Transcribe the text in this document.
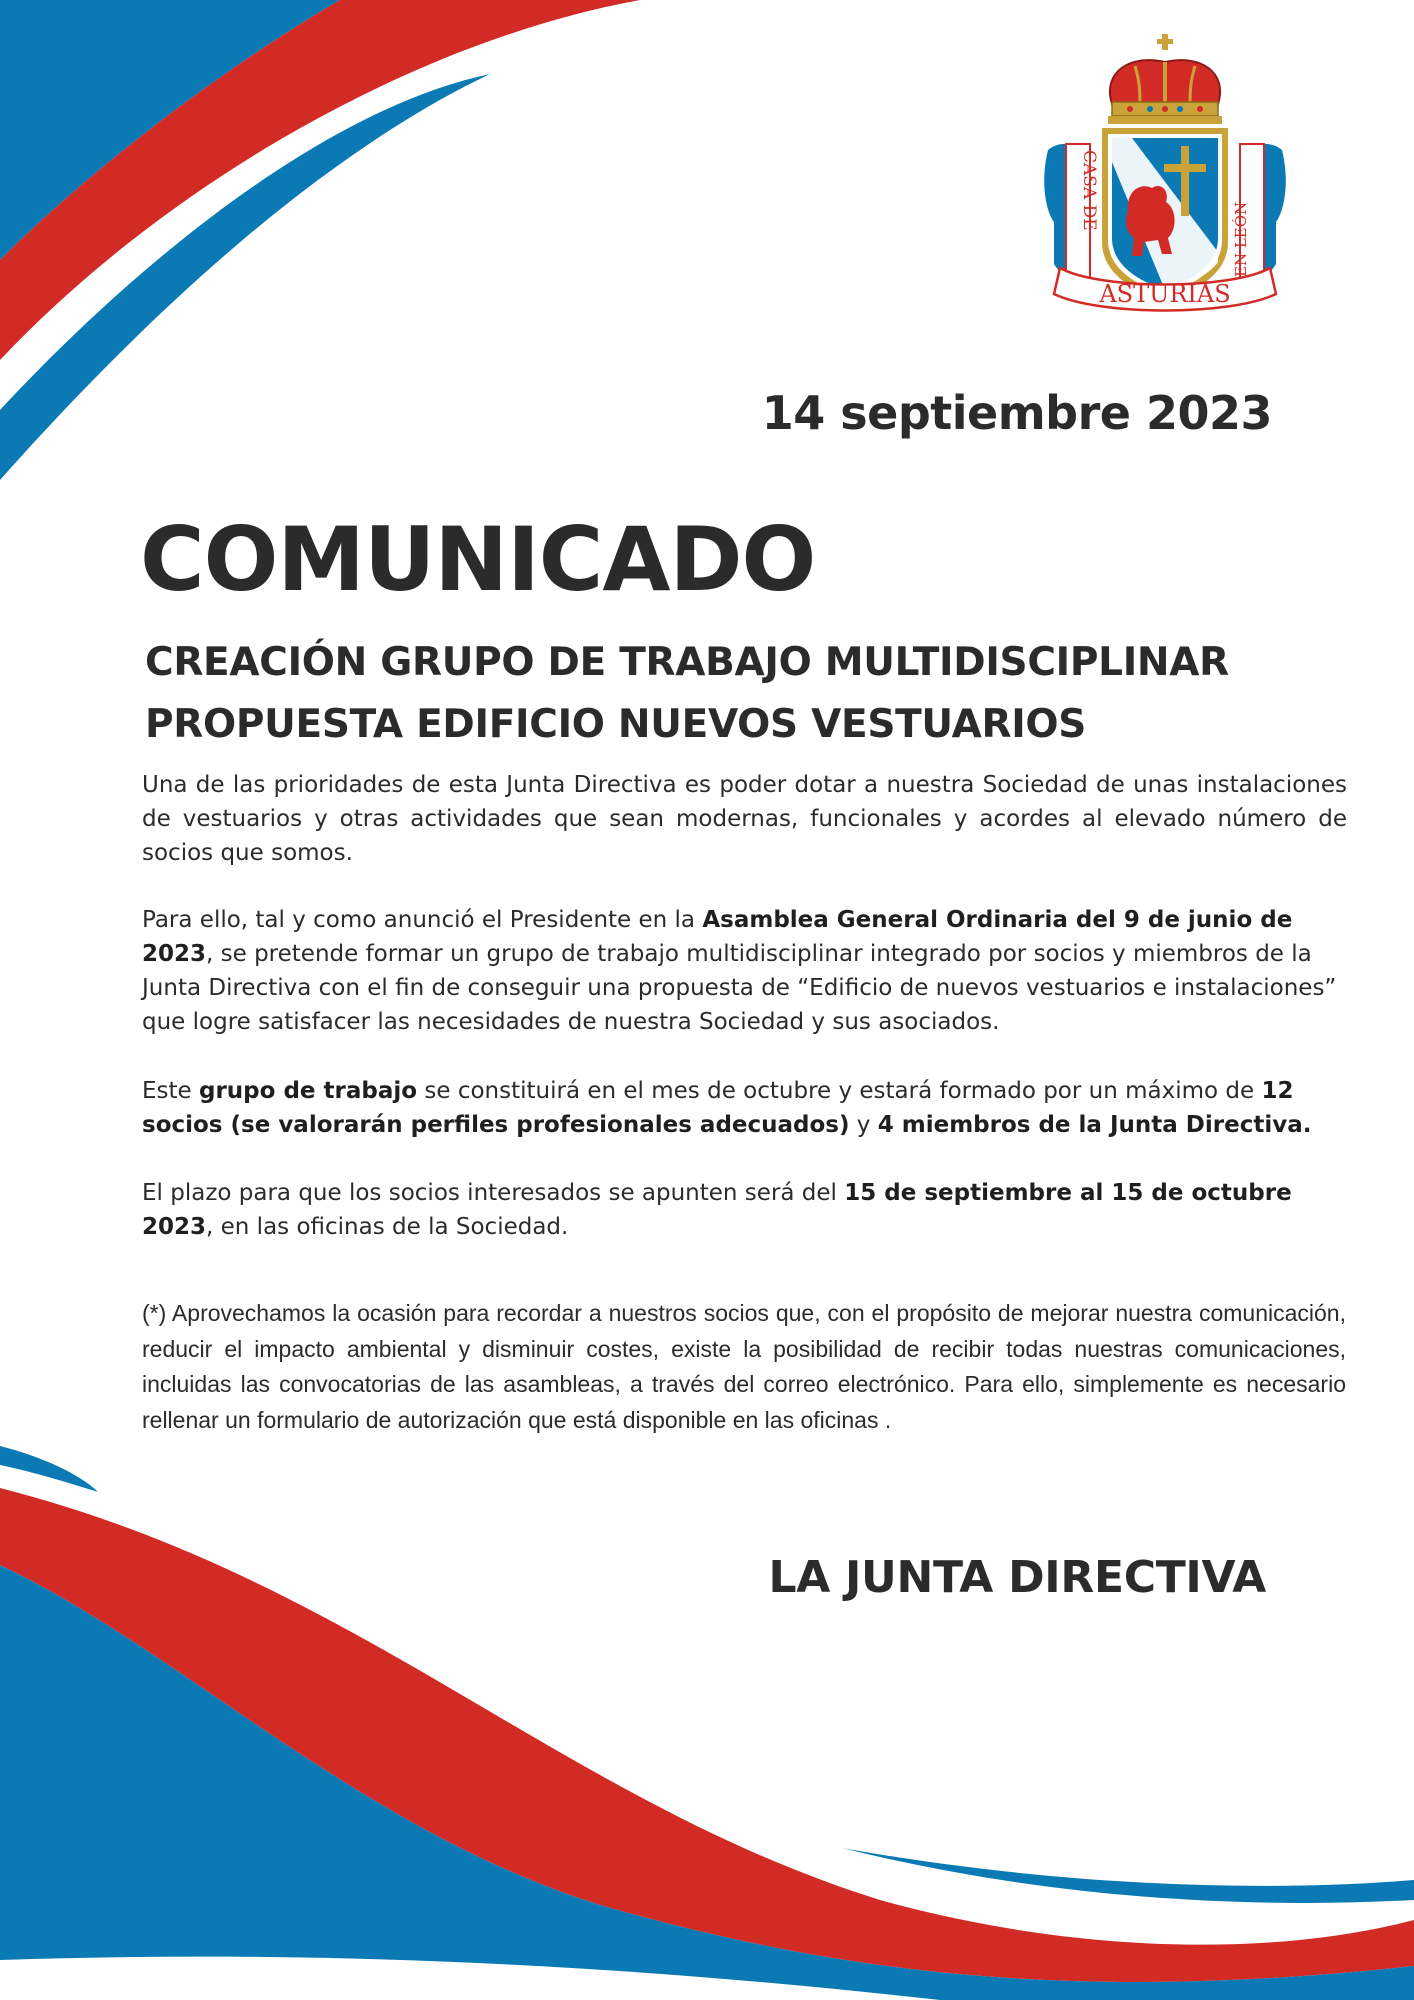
CASA DE
EN LEÓN
ASTURIAS

14 septiembre 2023

COMUNICADO
CREACIÓN GRUPO DE TRABAJO MULTIDISCIPLINAR
PROPUESTA EDIFICIO NUEVOS VESTUARIOS

Una de las prioridades de esta Junta Directiva es poder dotar a nuestra Sociedad de unas instalaciones de vestuarios y otras actividades que sean modernas, funcionales y acordes al elevado número de socios que somos.

Para ello, tal y como anunció el Presidente en la Asamblea General Ordinaria del 9 de junio de 2023, se pretende formar un grupo de trabajo multidisciplinar integrado por socios y miembros de la Junta Directiva con el fin de conseguir una propuesta de “Edificio de nuevos vestuarios e instalaciones” que logre satisfacer las necesidades de nuestra Sociedad y sus asociados.

Este grupo de trabajo se constituirá en el mes de octubre y estará formado por un máximo de 12 socios (se valorarán perfiles profesionales adecuados) y 4 miembros de la Junta Directiva.

El plazo para que los socios interesados se apunten será del 15 de septiembre al 15 de octubre 2023, en las oficinas de la Sociedad.

(*) Aprovechamos la ocasión para recordar a nuestros socios que, con el propósito de mejorar nuestra comunicación, reducir el impacto ambiental y disminuir costes, existe la posibilidad de recibir todas nuestras comunicaciones, incluidas las convocatorias de las asambleas, a través del correo electrónico. Para ello, simplemente es necesario rellenar un formulario de autorización que está disponible en las oficinas .

LA JUNTA DIRECTIVA
